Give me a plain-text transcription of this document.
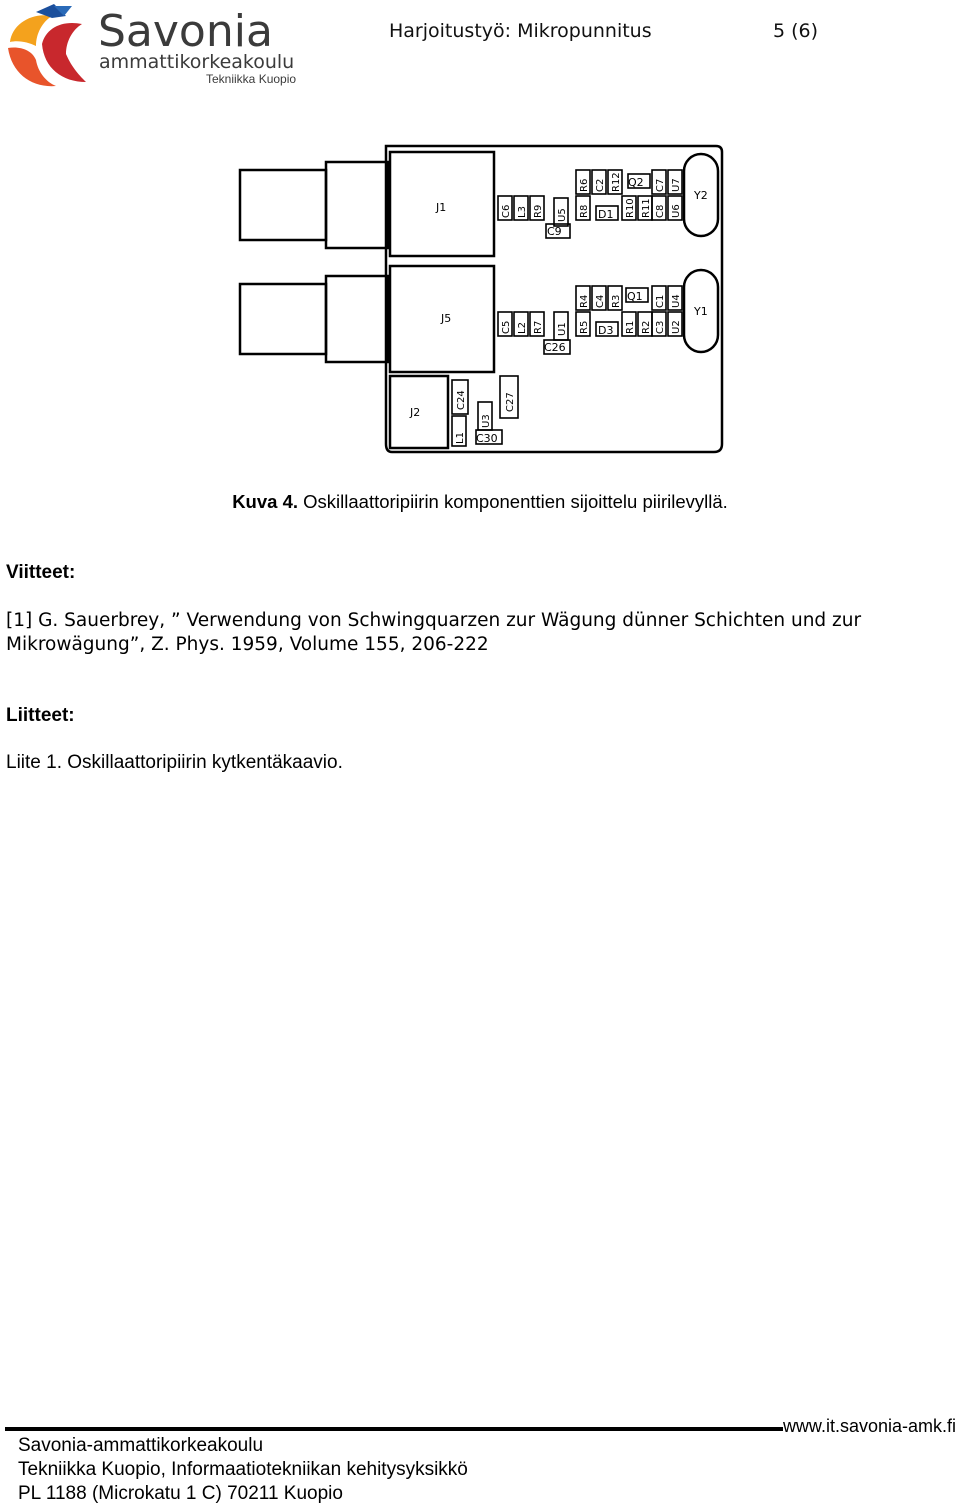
Savonia
ammattikorkeakoulu
Tekniikka Kuopio
Harjoitustyö: Mikropunnitus	5 (6)
J1
J5
J2
Y2
Y1
C9
C26
C30
D1
D3
Q2
Q1
C6 L3 R9 U5
R6
R8
C2 R12
R10 R11
C7
C8
U7
U6
C5 L2 R7 U1
R4
R5
C4 R3
R1 R2
C1
C3
U4
U2
C24
L1
U3
C27
Kuva 4. Oskillaattoripiirin komponenttien sijoittelu piirilevyllä.
Viitteet:
[1] G. Sauerbrey, ” Verwendung von Schwingquarzen zur Wägung dünner Schichten und zur Mikrowägung”, Z. Phys. 1959, Volume 155, 206-222
Liitteet:
Liite 1. Oskillaattoripiirin kytkentäkaavio.
www.it.savonia-amk.fi
Savonia-ammattikorkeakoulu
Tekniikka Kuopio, Informaatiotekniikan kehitysyksikkö
PL 1188 (Microkatu 1 C) 70211 Kuopio
